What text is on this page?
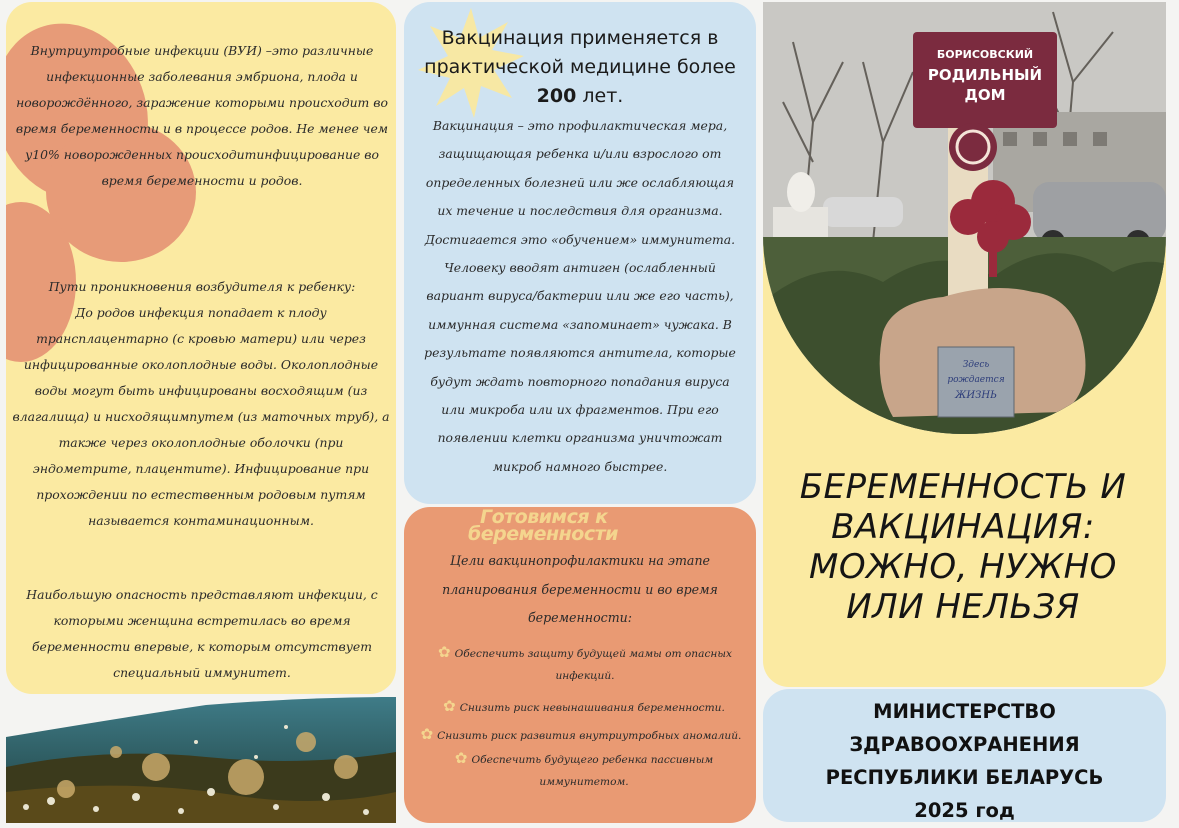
Внутриутробные инфекции (ВУИ) –это различные инфекционные заболевания эмбриона, плода и новорождённого, заражение которыми происходит во время беременности и в процессе родов. Не менее чем у10% новорожденных происходитинфицирование во время беременности и родов.

Пути проникновения возбудителя к ребенку:

До родов инфекция попадает к плоду трансплацентарно (с кровью матери) или через инфицированные околоплодные воды. Околоплодные воды могут быть инфицированы восходящим (из влагалища) и нисходящимпутем (из маточных труб), а также через околоплодные оболочки (при эндометрите, плацентите). Инфицирование при прохождении по естественным родовым путям называется контаминационным.

Наибольшую опасность представляют инфекции, с которыми женщина встретилась во время беременности впервые, к которым отсутствует специальный иммунитет.

Вакцинация применяется в практической медицине более
200 лет.
Вакцинация – это профилактическая мера, защищающая ребенка и/или взрослого от определенных болезней или же ослабляющая их течение и последствия для организма. Достигается это «обучением» иммунитета. Человеку вводят антиген (ослабленный вариант вируса/бактерии или же его часть), иммунная система «запоминает» чужака. В результате появляются антитела, которые будут ждать повторного попадания вируса или микроба или их фрагментов. При его появлении клетки организма уничтожат микроб намного быстрее.
Готовимся к
беременности
Цели вакцинопрофилактики на этапе планирования беременности и во время беременности:
✿ Обеспечить защиту будущей мамы от опасных инфекций.
✿ Снизить риск невынашивания беременности.
✿ Снизить риск развития внутриутробных аномалий.
✿ Обеспечить будущего ребенка пассивным иммунитетом.
БОРИСОВСКИЙ
РОДИЛЬНЫЙ
ДОМ
Здесь
рождается
ЖИЗНЬ
БЕРЕМЕННОСТЬ И ВАКЦИНАЦИЯ: МОЖНО, НУЖНО ИЛИ НЕЛЬЗЯ
МИНИСТЕРСТВО
ЗДРАВООХРАНЕНИЯ
РЕСПУБЛИКИ БЕЛАРУСЬ
2025 год
